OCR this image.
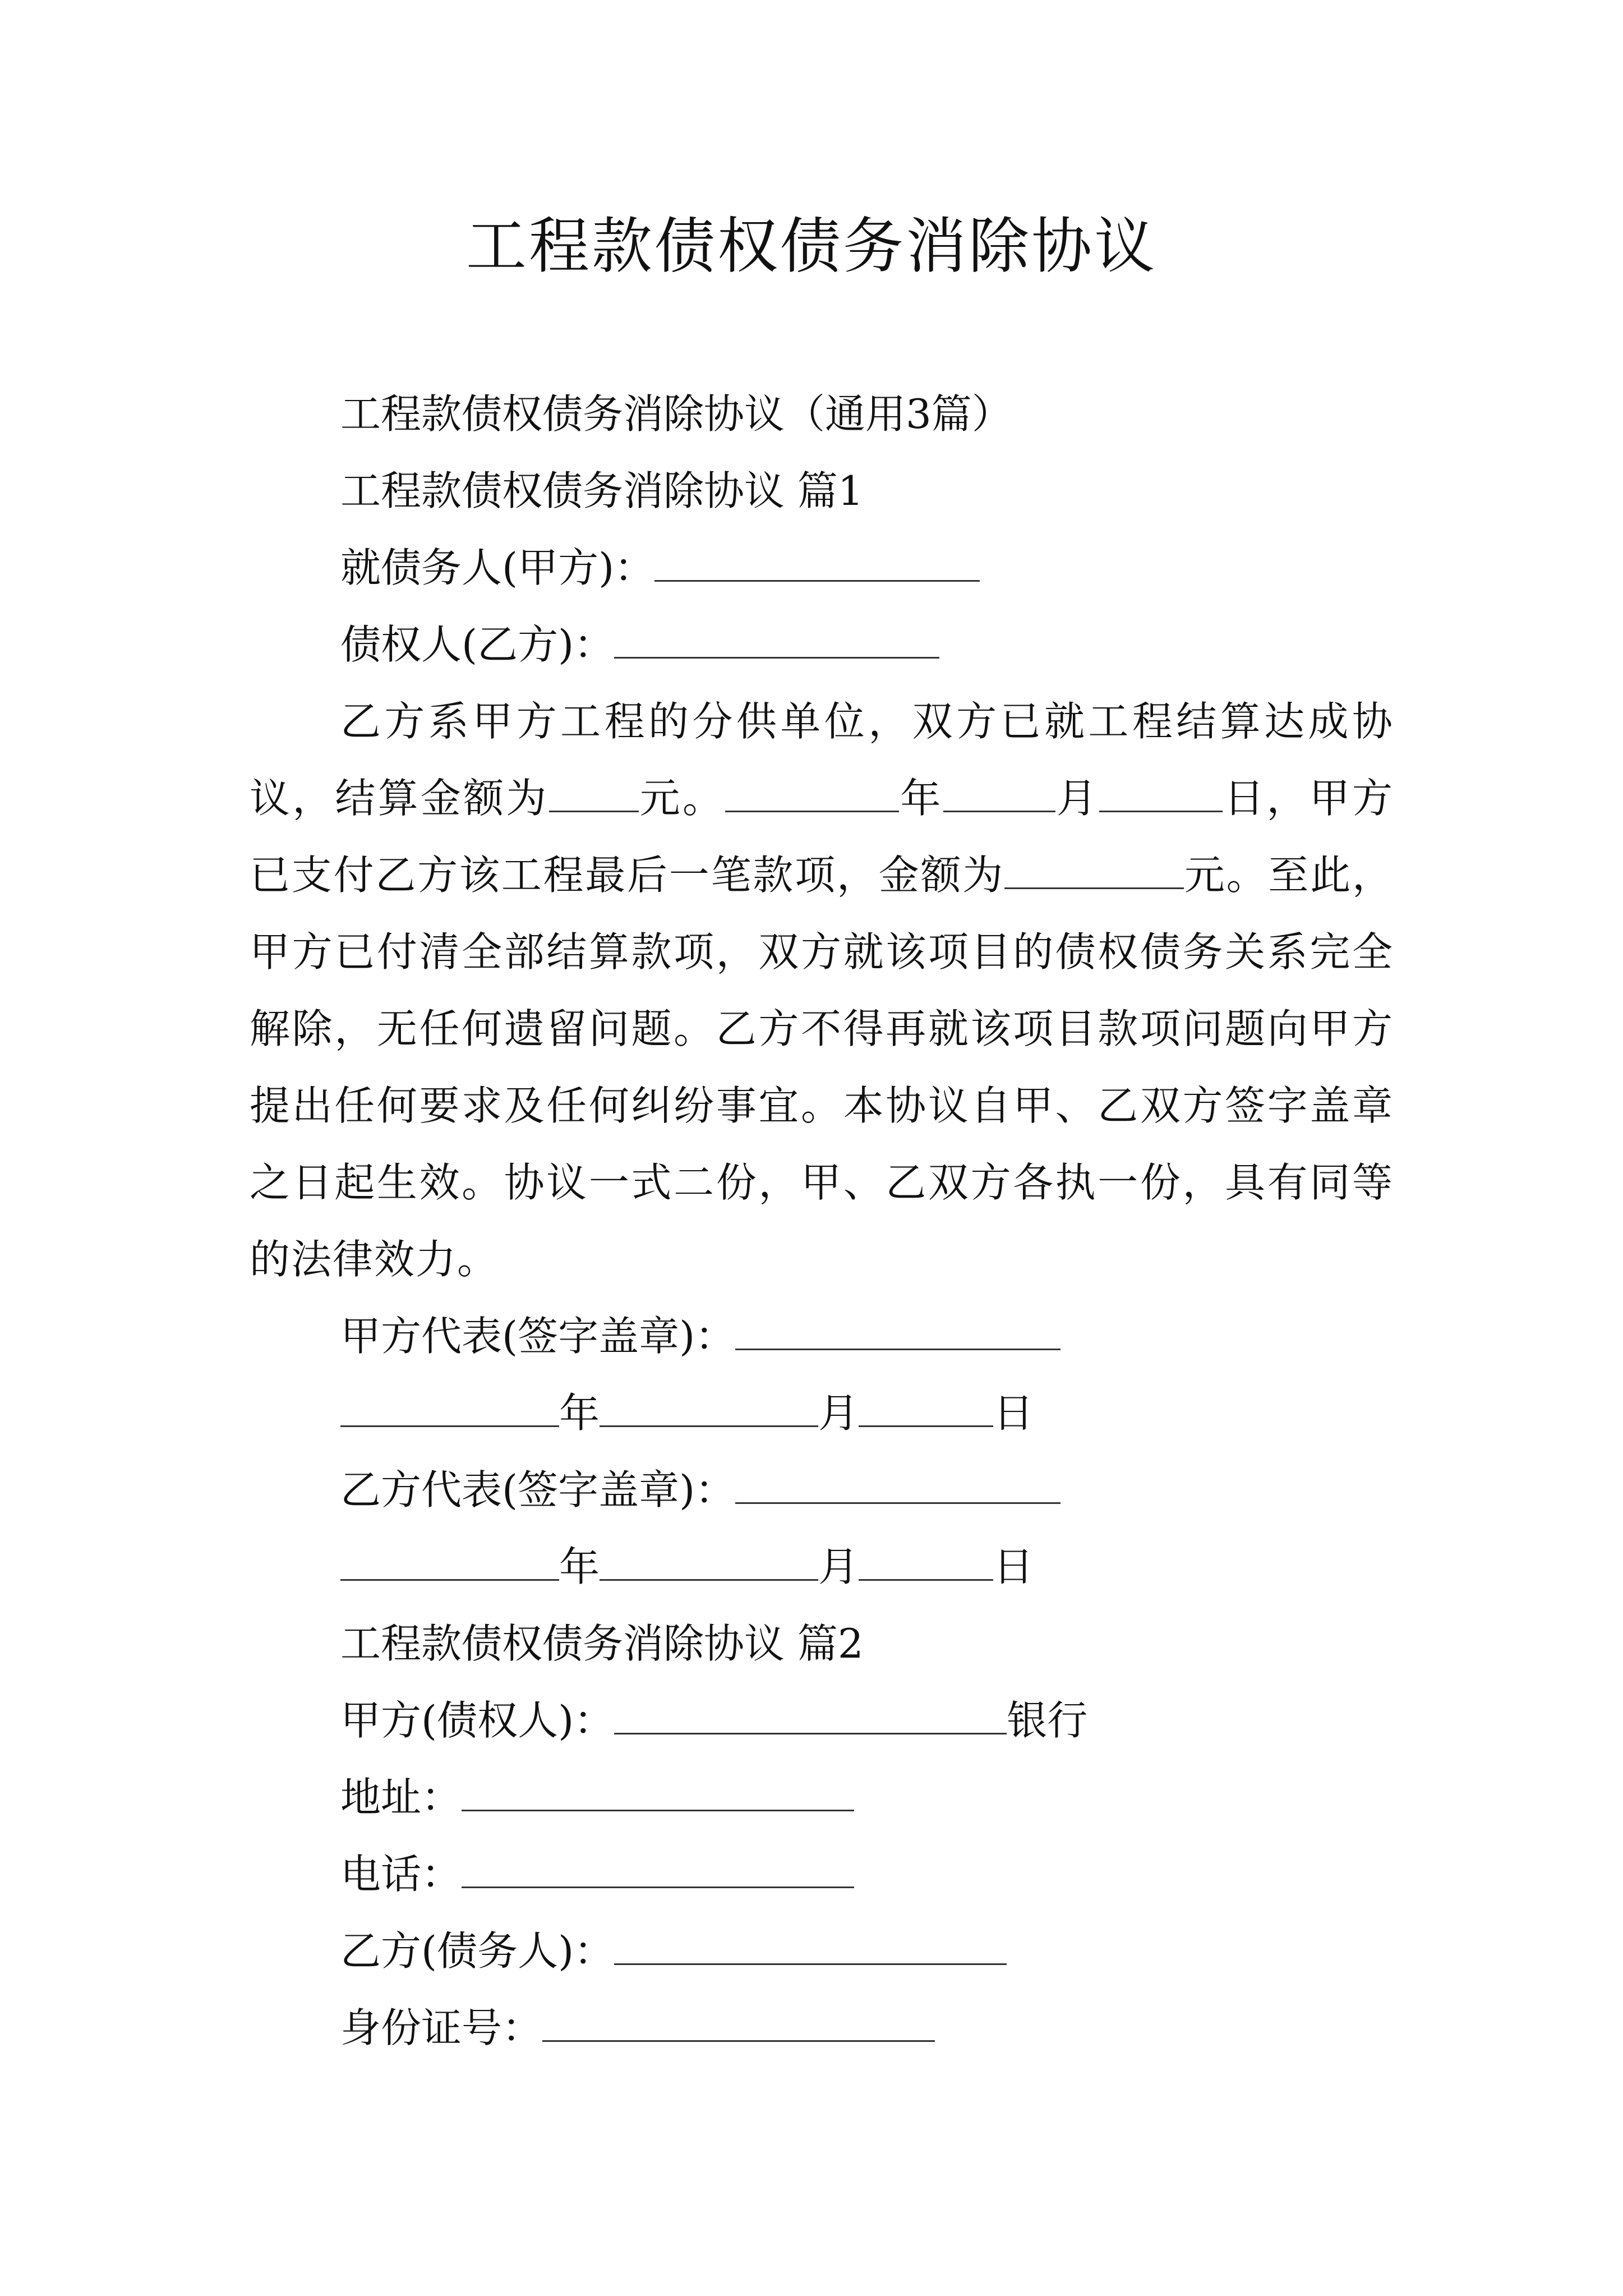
工程款债权债务消除协议
工程款债权债务消除协议（通用3篇）
工程款债权债务消除协议 篇1
就债务人(甲方)：
债权人(乙方)：

乙方系甲方工程的分供单位，双方已就工程结算达成协议，结算金额为 元。	年	月	日，甲方已支付乙方该工程最后一笔款项，金额为	元。至此，甲方已付清全部结算款项，双方就该项目的债权债务关系完全解除，无任何遗留问题。乙方不得再就该项目款项问题向甲方提出任何要求及任何纠纷事宜。本协议自甲、乙双方签字盖章之日起生效。协议一式二份，甲、乙双方各执一份，具有同等的法律效力。

甲方代表(签字盖章)：
年	月	日
乙方代表(签字盖章)：
年	月	日
工程款债权债务消除协议 篇2
甲方(债权人)：	银行
地址：
电话：
乙方(债务人)：
身份证号：
